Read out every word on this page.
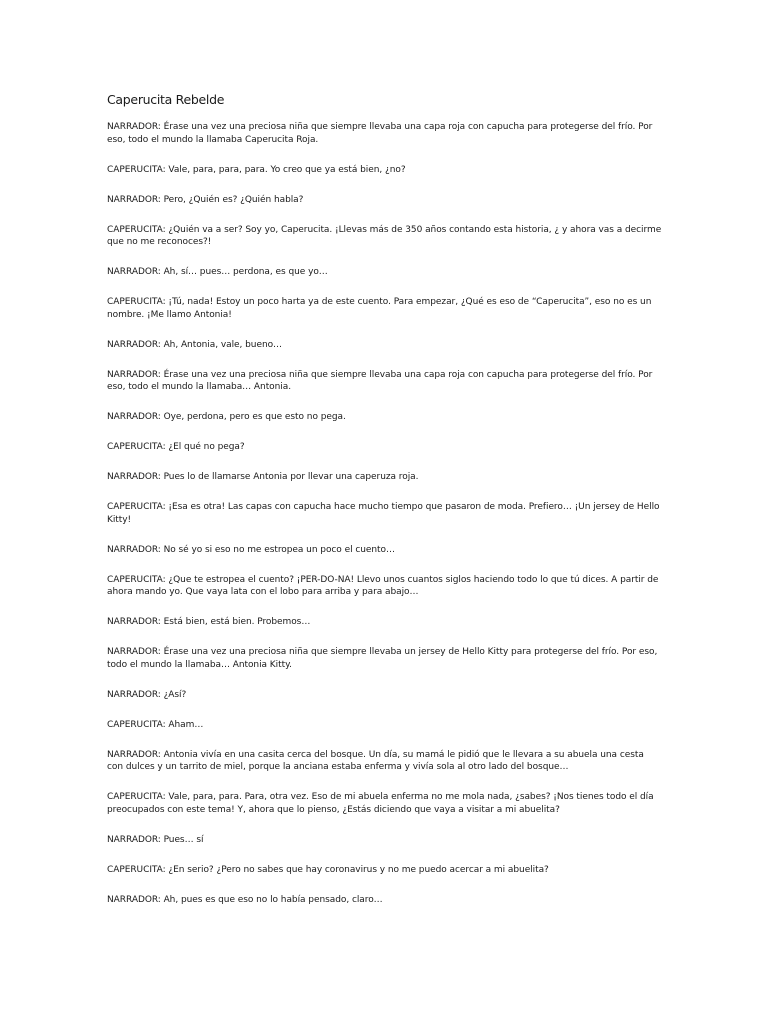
Caperucita Rebelde

NARRADOR: Érase una vez una preciosa niña que siempre llevaba una capa roja con capucha para protegerse del frío. Por eso, todo el mundo la llamaba Caperucita Roja.

CAPERUCITA: Vale, para, para, para. Yo creo que ya está bien, ¿no?

NARRADOR: Pero, ¿Quién es? ¿Quién habla?

CAPERUCITA: ¿Quién va a ser? Soy yo, Caperucita. ¡Llevas más de 350 años contando esta historia, ¿ y ahora vas a decirme que no me reconoces?!

NARRADOR: Ah, sí… pues… perdona, es que yo…

CAPERUCITA: ¡Tú, nada! Estoy un poco harta ya de este cuento. Para empezar, ¿Qué es eso de “Caperucita”, eso no es un nombre. ¡Me llamo Antonia!

NARRADOR: Ah, Antonia, vale, bueno…

NARRADOR: Érase una vez una preciosa niña que siempre llevaba una capa roja con capucha para protegerse del frío. Por eso, todo el mundo la llamaba… Antonia.

NARRADOR: Oye, perdona, pero es que esto no pega.

CAPERUCITA: ¿El qué no pega?

NARRADOR: Pues lo de llamarse Antonia por llevar una caperuza roja.

CAPERUCITA: ¡Esa es otra! Las capas con capucha hace mucho tiempo que pasaron de moda. Prefiero… ¡Un jersey de Hello Kitty!

NARRADOR: No sé yo si eso no me estropea un poco el cuento…

CAPERUCITA: ¿Que te estropea el cuento? ¡PER-DO-NA! Llevo unos cuantos siglos haciendo todo lo que tú dices. A partir de ahora mando yo. Que vaya lata con el lobo para arriba y para abajo…

NARRADOR: Está bien, está bien. Probemos…

NARRADOR: Érase una vez una preciosa niña que siempre llevaba un jersey de Hello Kitty para protegerse del frío. Por eso, todo el mundo la llamaba… Antonia Kitty.

NARRADOR: ¿Así?

CAPERUCITA: Aham…

NARRADOR: Antonia vivía en una casita cerca del bosque. Un día, su mamá le pidió que le llevara a su abuela una cesta con dulces y un tarrito de miel, porque la anciana estaba enferma y vivía sola al otro lado del bosque…

CAPERUCITA: Vale, para, para. Para, otra vez. Eso de mi abuela enferma no me mola nada, ¿sabes? ¡Nos tienes todo el día preocupados con este tema! Y, ahora que lo pienso, ¿Estás diciendo que vaya a visitar a mi abuelita?

NARRADOR: Pues… sí

CAPERUCITA: ¿En serio? ¿Pero no sabes que hay coronavirus y no me puedo acercar a mi abuelita?

NARRADOR: Ah, pues es que eso no lo había pensado, claro…
